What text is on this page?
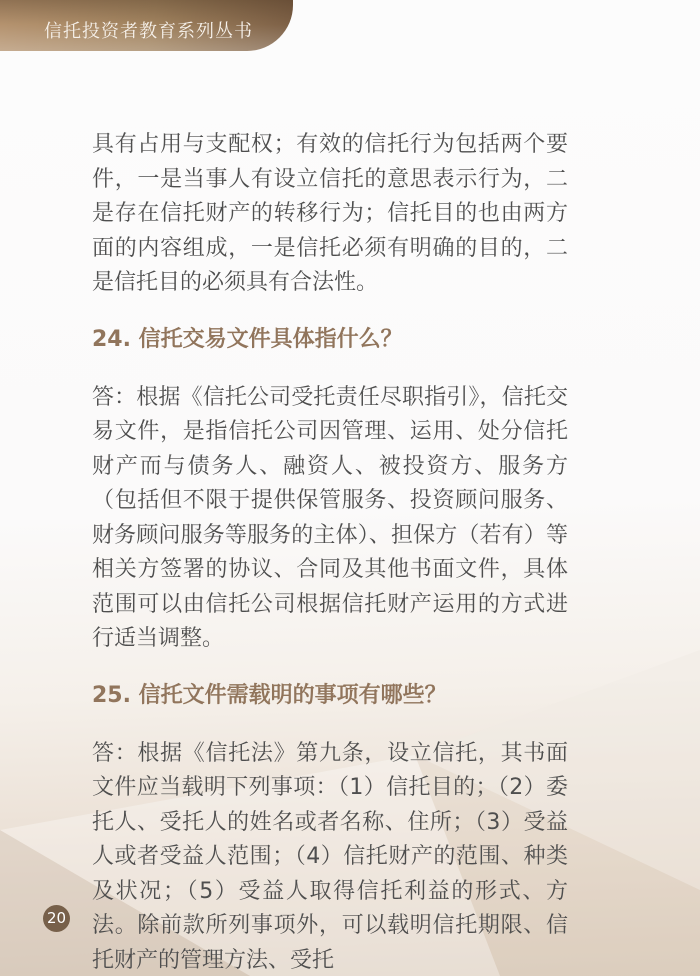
信托投资者教育系列丛书

具有占用与支配权；有效的信托行为包括两个要件，一是当事人有设立信托的意思表示行为，二是存在信托财产的转移行为；信托目的也由两方面的内容组成，一是信托必须有明确的目的，二是信托目的必须具有合法性。

24. 信托交易文件具体指什么？

答：根据《信托公司受托责任尽职指引》，信托交易文件，是指信托公司因管理、运用、处分信托财产而与债务人、融资人、被投资方、服务方（包括但不限于提供保管服务、投资顾问服务、财务顾问服务等服务的主体）、担保方（若有）等相关方签署的协议、合同及其他书面文件，具体范围可以由信托公司根据信托财产运用的方式进行适当调整。

25. 信托文件需载明的事项有哪些？

答：根据《信托法》第九条，设立信托，其书面文件应当载明下列事项：（1）信托目的；（2）委托人、受托人的姓名或者名称、住所；（3）受益人或者受益人范围；（4）信托财产的范围、种类及状况；（5）受益人取得信托利益的形式、方法。除前款所列事项外，可以载明信托期限、信托财产的管理方法、受托

20
